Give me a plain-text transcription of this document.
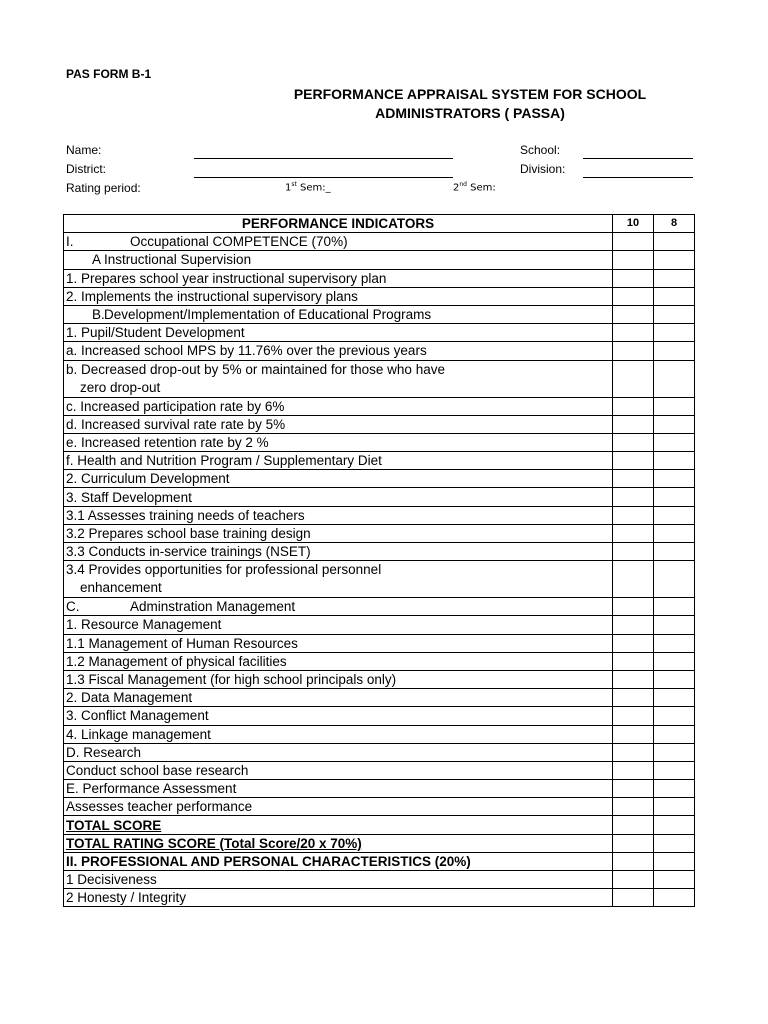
PAS FORM B-1
PERFORMANCE APPRAISAL SYSTEM FOR SCHOOL
ADMINISTRATORS ( PASSA)
Name:
District:
Rating period:	1st Sem:_	2nd Sem:
School:
Division:
PERFORMANCE INDICATORS	10	8
I. Occupational COMPETENCE (70%)		
A Instructional Supervision		
1. Prepares school year instructional supervisory plan		
2. Implements the instructional supervisory plans		
B.Development/Implementation of Educational Programs		
1. Pupil/Student Development		
a. Increased school MPS by 11.76% over the previous years		
b. Decreased drop-out by 5% or maintained for those who have
zero drop-out		

c. Increased participation rate by 6%		
d. Increased survival rate rate by 5%		
e. Increased retention rate by 2 %		
f. Health and Nutrition Program / Supplementary Diet		
2. Curriculum Development		
3. Staff Development		
3.1 Assesses training needs of teachers		
3.2 Prepares school base training design		
3.3 Conducts in-service trainings (NSET)		
3.4 Provides opportunities for professional personnel
enhancement		

C. Adminstration Management		
1. Resource Management		
1.1 Management of Human Resources		
1.2 Management of physical facilities		
1.3 Fiscal Management (for high school principals only)		
2. Data Management		
3. Conflict Management		
4. Linkage management		
D. Research		
Conduct school base research		
E. Performance Assessment		
Assesses teacher performance		
TOTAL SCORE		
TOTAL RATING SCORE (Total Score/20 x 70%)		
II. PROFESSIONAL AND PERSONAL CHARACTERISTICS (20%)		
1 Decisiveness		
2 Honesty / Integrity		
